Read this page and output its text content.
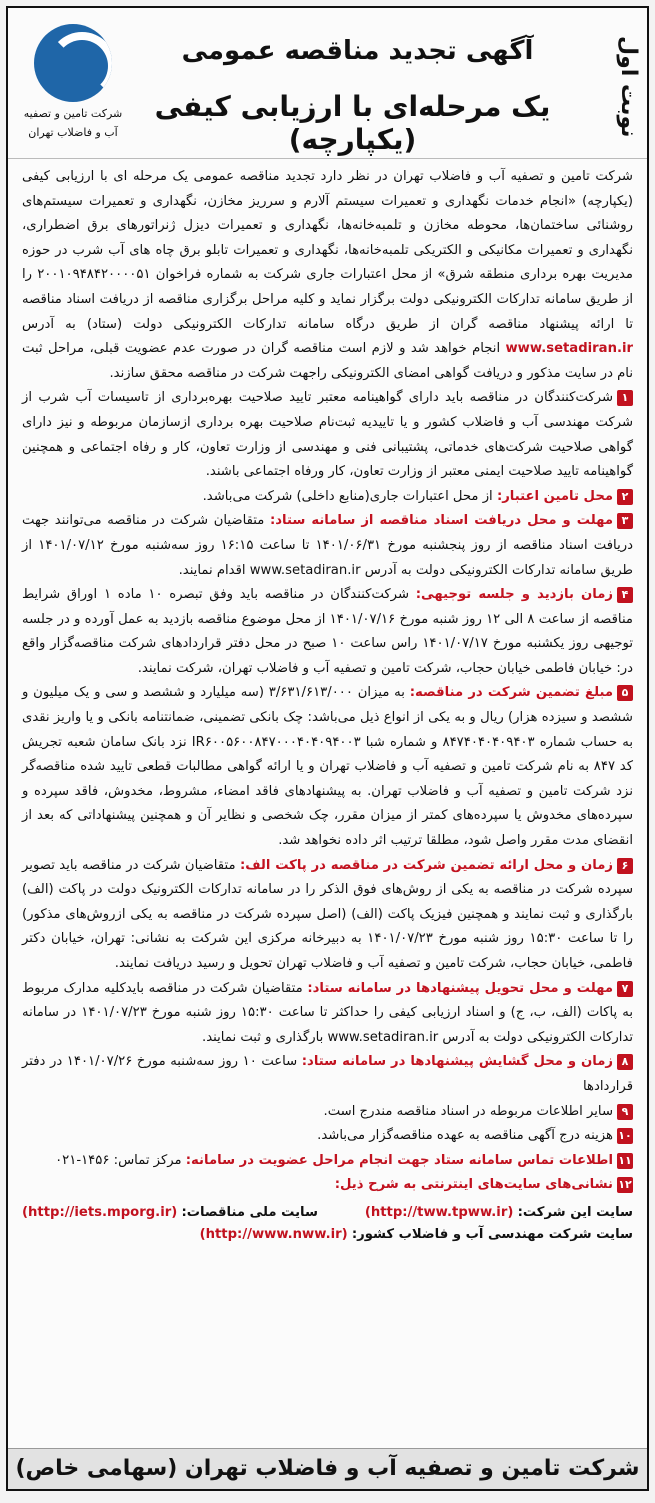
نوبت اول
آگهی تجدید مناقصه عمومی
یک مرحله‌ای با ارزیابی کیفی (یکپارچه)
شرکت تامین و تصفیه
آب و فاضلاب تهران

شرکت تامین و تصفیه آب و فاضلاب تهران در نظر دارد تجدید مناقصه عمومی یک مرحله ای با ارزیابی کیفی (یکپارچه) «انجام خدمات نگهداری و تعمیرات سیستم آلارم و سرریز مخازن، نگهداری و تعمیرات سیستم‌های روشنائی ساختمان‌ها، محوطه مخازن و تلمبه‌خانه‌ها، نگهداری و تعمیرات دیزل ژنراتورهای برق اضطراری، نگهداری و تعمیرات مکانیکی و الکتریکی تلمبه‌خانه‌ها، نگهداری و تعمیرات تابلو برق چاه های آب شرب در حوزه مدیریت بهره برداری منطقه شرق» از محل اعتبارات جاری شرکت به شماره فراخوان ۲۰۰۱۰۹۴۸۴۲۰۰۰۰۵۱ را از طریق سامانه تدارکات الکترونیکی دولت برگزار نماید و کلیه مراحل برگزاری مناقصه از دریافت اسناد مناقصه تا ارائه پیشنهاد مناقصه گران از طریق درگاه سامانه تدارکات الکترونیکی دولت (ستاد) به آدرس www.setadiran.ir انجام خواهد شد و لازم است مناقصه گران در صورت عدم عضویت قبلی، مراحل ثبت نام در سایت مذکور و دریافت گواهی امضای الکترونیکی راجهت شرکت در مناقصه محقق سازند.

۱شرکت‌کنندگان در مناقصه باید دارای گواهینامه معتبر تایید صلاحیت بهره‌برداری از تاسیسات آب شرب از شرکت مهندسی آب و فاضلاب کشور و یا تاییدیه ثبت‌نام صلاحیت بهره برداری ازسازمان مربوطه و نیز دارای گواهی صلاحیت شرکت‌های خدماتی، پشتیبانی فنی و مهندسی از وزارت تعاون، کار و رفاه اجتماعی و همچنین گواهینامه تایید صلاحیت ایمنی معتبر از وزارت تعاون، کار ورفاه اجتماعی باشند.

۲محل تامین اعتبار: از محل اعتبارات جاری(منابع داخلی) شرکت می‌باشد.

۳مهلت و محل دریافت اسناد مناقصه از سامانه ستاد: متقاضیان شرکت در مناقصه می‌توانند جهت دریافت اسناد مناقصه از روز پنجشنبه مورخ ۱۴۰۱/۰۶/۳۱ تا ساعت ۱۶:۱۵ روز سه‌شنبه مورخ ۱۴۰۱/۰۷/۱۲ از طریق سامانه تدارکات الکترونیکی دولت به آدرس www.setadiran.ir اقدام نمایند.

۴زمان بازدید و جلسه توجیهی: شرکت‌کنندگان در مناقصه باید وفق تبصره ۱۰ ماده ۱ اوراق شرایط مناقصه از ساعت ۸ الی ۱۲ روز شنبه مورخ ۱۴۰۱/۰۷/۱۶ از محل موضوع مناقصه بازدید به عمل آورده و در جلسه توجیهی روز یکشنبه مورخ ۱۴۰۱/۰۷/۱۷ راس ساعت ۱۰ صبح در محل دفتر قراردادهای شرکت مناقصه‌گزار واقع در: خیابان فاطمی خیابان حجاب، شرکت تامین و تصفیه آب و فاضلاب تهران، شرکت نمایند.

۵مبلغ تضمین شرکت در مناقصه: به میزان ۳/۶۳۱/۶۱۳/۰۰۰ (سه میلیارد و ششصد و سی و یک میلیون و ششصد و سیزده هزار) ریال و به یکی از انواع ذیل می‌باشد: چک بانکی تضمینی، ضمانتنامه بانکی و یا واریز نقدی به حساب شماره ۸۴۷۴۰۴۰۴۰۹۴۰۳ و شماره شبا IR۶۰۰۵۶۰۰۸۴۷۰۰۰۴۰۴۰۹۴۰۰۳ نزد بانک سامان شعبه تجریش کد ۸۴۷ به نام شرکت تامین و تصفیه آب و فاضلاب تهران و یا ارائه گواهی مطالبات قطعی تایید شده مناقصه‌گر نزد شرکت تامین و تصفیه آب و فاضلاب تهران. به پیشنهادهای فاقد امضاء، مشروط، مخدوش، فاقد سپرده و سپرده‌های مخدوش یا سپرده‌های کمتر از میزان مقرر، چک شخصی و نظایر آن و همچنین پیشنهاداتی که بعد از انقضای مدت مقرر واصل شود، مطلقا ترتیب اثر داده نخواهد شد.

۶زمان و محل ارائه تضمین شرکت در مناقصه در پاکت الف: متقاضیان شرکت در مناقصه باید تصویر سپرده شرکت در مناقصه به یکی از روش‌های فوق الذکر را در سامانه تدارکات الکترونیک دولت در پاکت (الف) بارگذاری و ثبت نمایند و همچنین فیزیک پاکت (الف) (اصل سپرده شرکت در مناقصه به یکی ازروش‌های مذکور) را تا ساعت ۱۵:۳۰ روز شنبه مورخ ۱۴۰۱/۰۷/۲۳ به دبیرخانه مرکزی این شرکت به نشانی: تهران، خیابان دکتر فاطمی، خیابان حجاب، شرکت تامین و تصفیه آب و فاضلاب تهران تحویل و رسید دریافت نمایند.

۷مهلت و محل تحویل پیشنهادها در سامانه ستاد: متقاضیان شرکت در مناقصه بایدکلیه مدارک مربوط به پاکات (الف، ب، ج) و اسناد ارزیابی کیفی را حداکثر تا ساعت ۱۵:۳۰ روز شنبه مورخ ۱۴۰۱/۰۷/۲۳ در سامانه تدارکات الکترونیکی دولت به آدرس www.setadiran.ir بارگذاری و ثبت نمایند.

۸زمان و محل گشایش پیشنهادها در سامانه ستاد: ساعت ۱۰ روز سه‌شنبه مورخ ۱۴۰۱/۰۷/۲۶ در دفتر قراردادها

۹سایر اطلاعات مربوطه در اسناد مناقصه مندرج است.

۱۰هزینه درج آگهی مناقصه به عهده مناقصه‌گزار می‌باشد.

۱۱اطلاعات تماس سامانه ستاد جهت انجام مراحل عضویت در سامانه: مرکز تماس: ۱۴۵۶-۰۲۱

۱۲نشانی‌های سایت‌های اینترنتی به شرح ذیل:

سایت این شرکت: (http://tww.tpww.ir)
سایت ملی مناقصات: (http://iets.mporg.ir)
سایت شرکت مهندسی آب و فاضلاب کشور: (http://www.nww.ir)
شرکت تامین و تصفیه آب و فاضلاب تهران (سهامی خاص)
